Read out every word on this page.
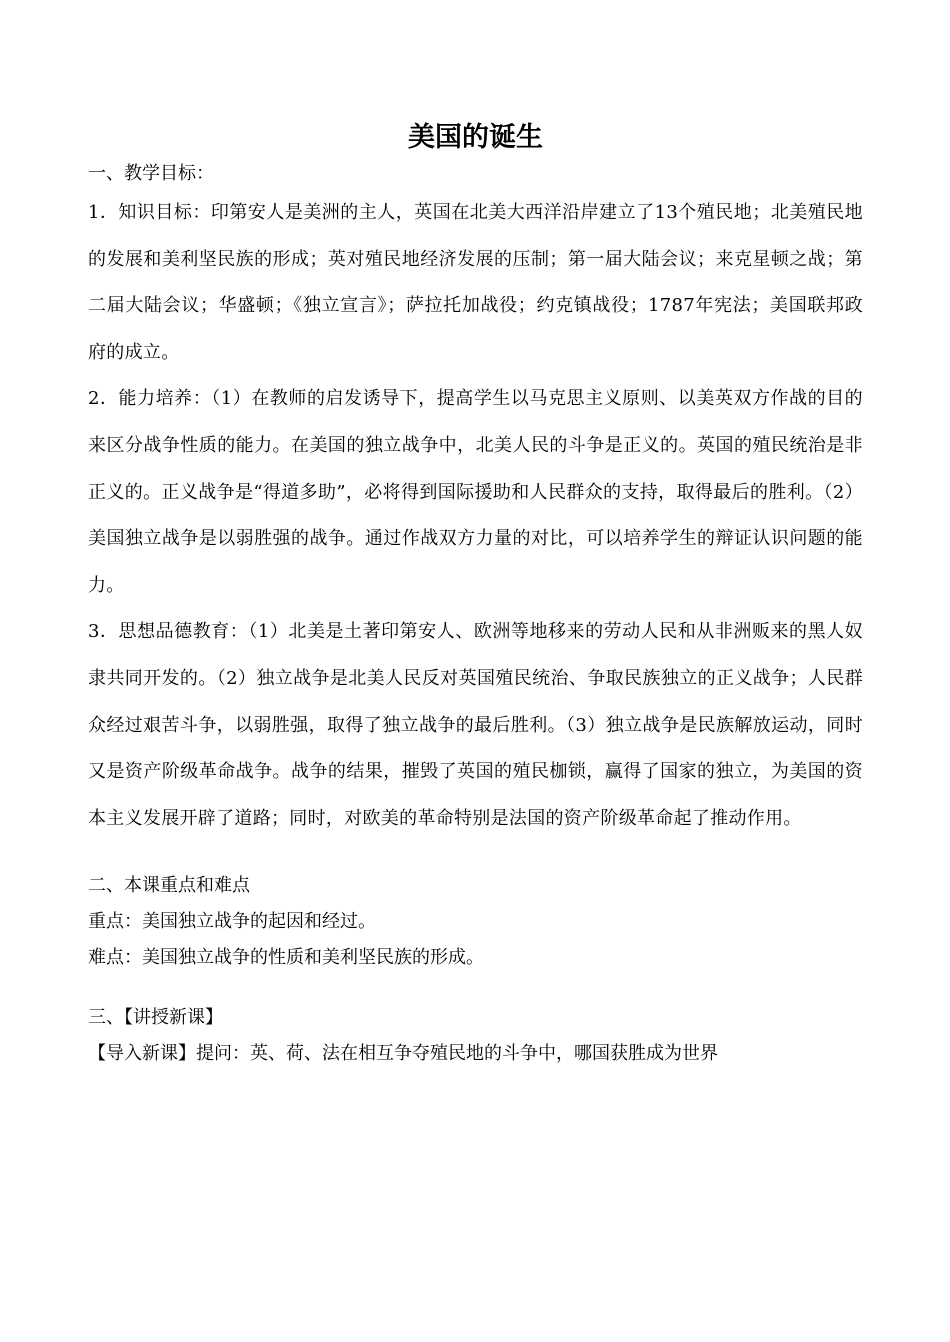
美国的诞生

一、教学目标：

1．知识目标：印第安人是美洲的主人，英国在北美大西洋沿岸建立了13个殖民地；北美殖民地的发展和美利坚民族的形成；英对殖民地经济发展的压制；第一届大陆会议；来克星顿之战；第二届大陆会议；华盛顿；《独立宣言》；萨拉托加战役；约克镇战役；1787年宪法；美国联邦政府的成立。

2．能力培养：（1）在教师的启发诱导下，提高学生以马克思主义原则、以美英双方作战的目的来区分战争性质的能力。在美国的独立战争中，北美人民的斗争是正义的。英国的殖民统治是非正义的。正义战争是“得道多助”，必将得到国际援助和人民群众的支持，取得最后的胜利。（2）美国独立战争是以弱胜强的战争。通过作战双方力量的对比，可以培养学生的辩证认识问题的能力。

3．思想品德教育：（1）北美是土著印第安人、欧洲等地移来的劳动人民和从非洲贩来的黑人奴隶共同开发的。（2）独立战争是北美人民反对英国殖民统治、争取民族独立的正义战争；人民群众经过艰苦斗争，以弱胜强，取得了独立战争的最后胜利。（3）独立战争是民族解放运动，同时又是资产阶级革命战争。战争的结果，摧毁了英国的殖民枷锁，赢得了国家的独立，为美国的资本主义发展开辟了道路；同时，对欧美的革命特别是法国的资产阶级革命起了推动作用。

二、本课重点和难点

重点：美国独立战争的起因和经过。

难点：美国独立战争的性质和美利坚民族的形成。

三、【讲授新课】

【导入新课】提问：英、荷、法在相互争夺殖民地的斗争中，哪国获胜成为世界
